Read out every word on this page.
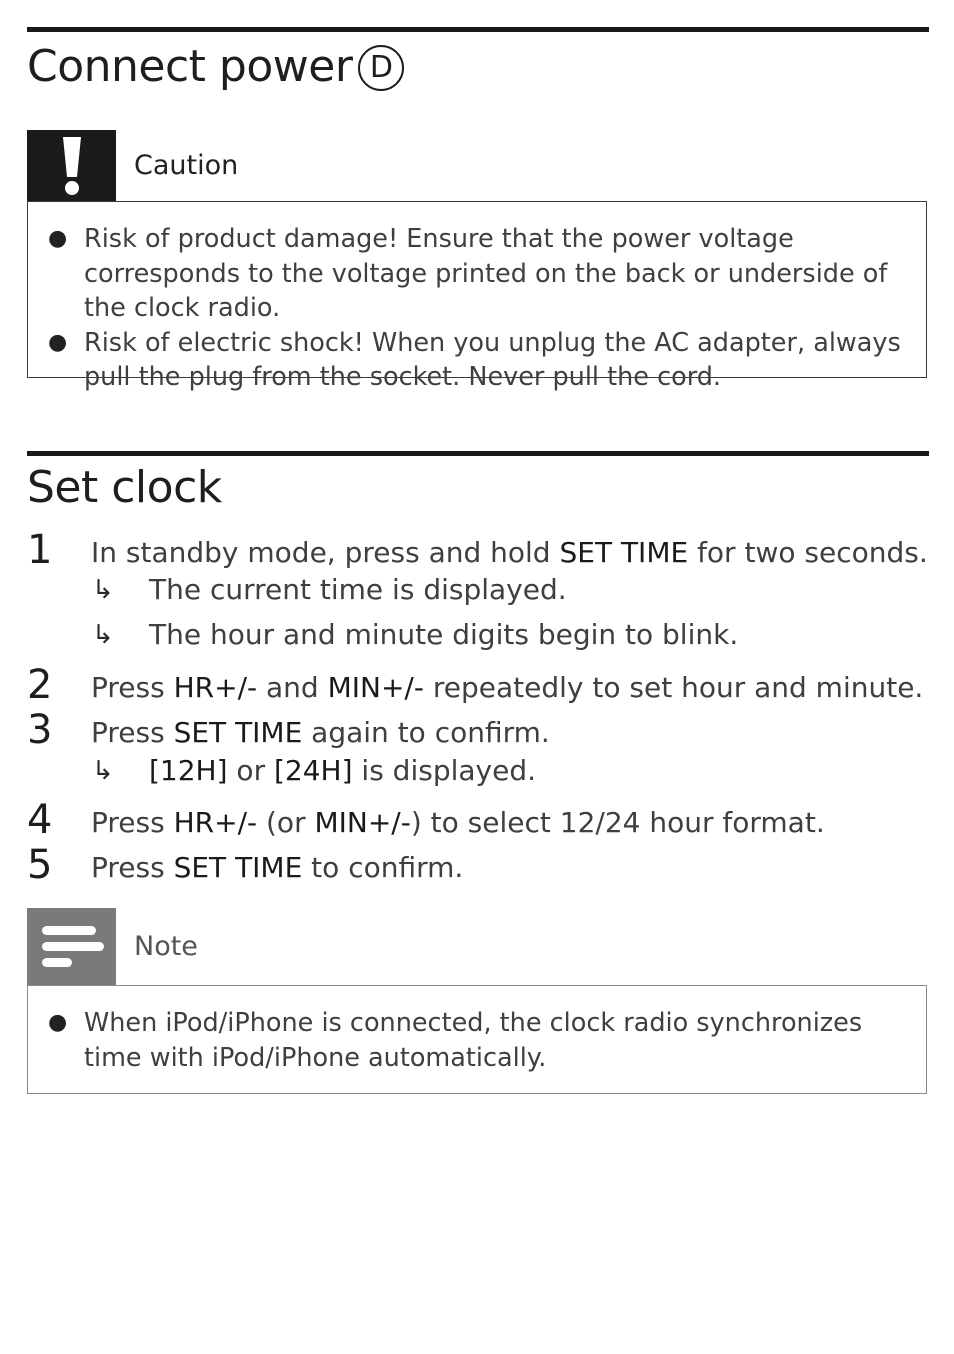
Connect power D
Caution
● Risk of product damage! Ensure that the power voltage corresponds to the voltage printed on the back or underside of the clock radio.
● Risk of electric shock! When you unplug the AC adapter, always pull the plug from the socket. Never pull the cord.
Set clock
1 In standby mode, press and hold SET TIME for two seconds.
↳ The current time is displayed.
↳ The hour and minute digits begin to blink.
2 Press HR+/- and MIN+/- repeatedly to set hour and minute.
3 Press SET TIME again to confirm.
↳ [12H] or [24H] is displayed.
4 Press HR+/- (or MIN+/-) to select 12/24 hour format.
5 Press SET TIME to confirm.
Note
● When iPod/iPhone is connected, the clock radio synchronizes time with iPod/iPhone automatically.
